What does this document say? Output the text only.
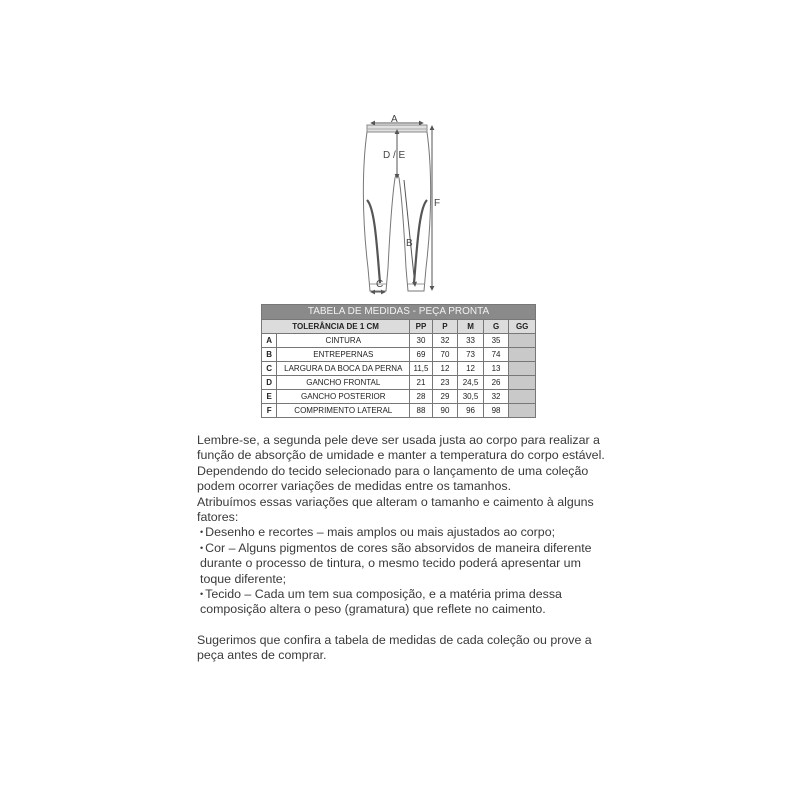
A
D / E
B
F
C
TABELA DE MEDIDAS - PEÇA PRONTA						
TOLERÂNCIA DE 1 CM		PP	P	M	G	GG
A	CINTURA	30	32	33	35	
B	ENTREPERNAS	69	70	73	74	
C	LARGURA DA BOCA DA PERNA	11,5	12	12	13	
D	GANCHO FRONTAL	21	23	24,5	26	
E	GANCHO POSTERIOR	28	29	30,5	32	
F	COMPRIMENTO LATERAL	88	90	96	98	

Lembre-se, a segunda pele deve ser usada justa ao corpo para realizar a função de absorção de umidade e manter a temperatura do corpo estável.

Dependendo do tecido selecionado para o lançamento de uma coleção podem ocorrer variações de medidas entre os tamanhos.

Atribuímos essas variações que alteram o tamanho e caimento à alguns fatores:

• Desenho e recortes – mais amplos ou mais ajustados ao corpo;

• Cor – Alguns pigmentos de cores são absorvidos de maneira diferente durante o processo de tintura, o mesmo tecido poderá apresentar um toque diferente;

• Tecido – Cada um tem sua composição, e a matéria prima dessa composição altera o peso (gramatura) que reflete no caimento.

Sugerimos que confira a tabela de medidas de cada coleção ou prove a peça antes de comprar.
